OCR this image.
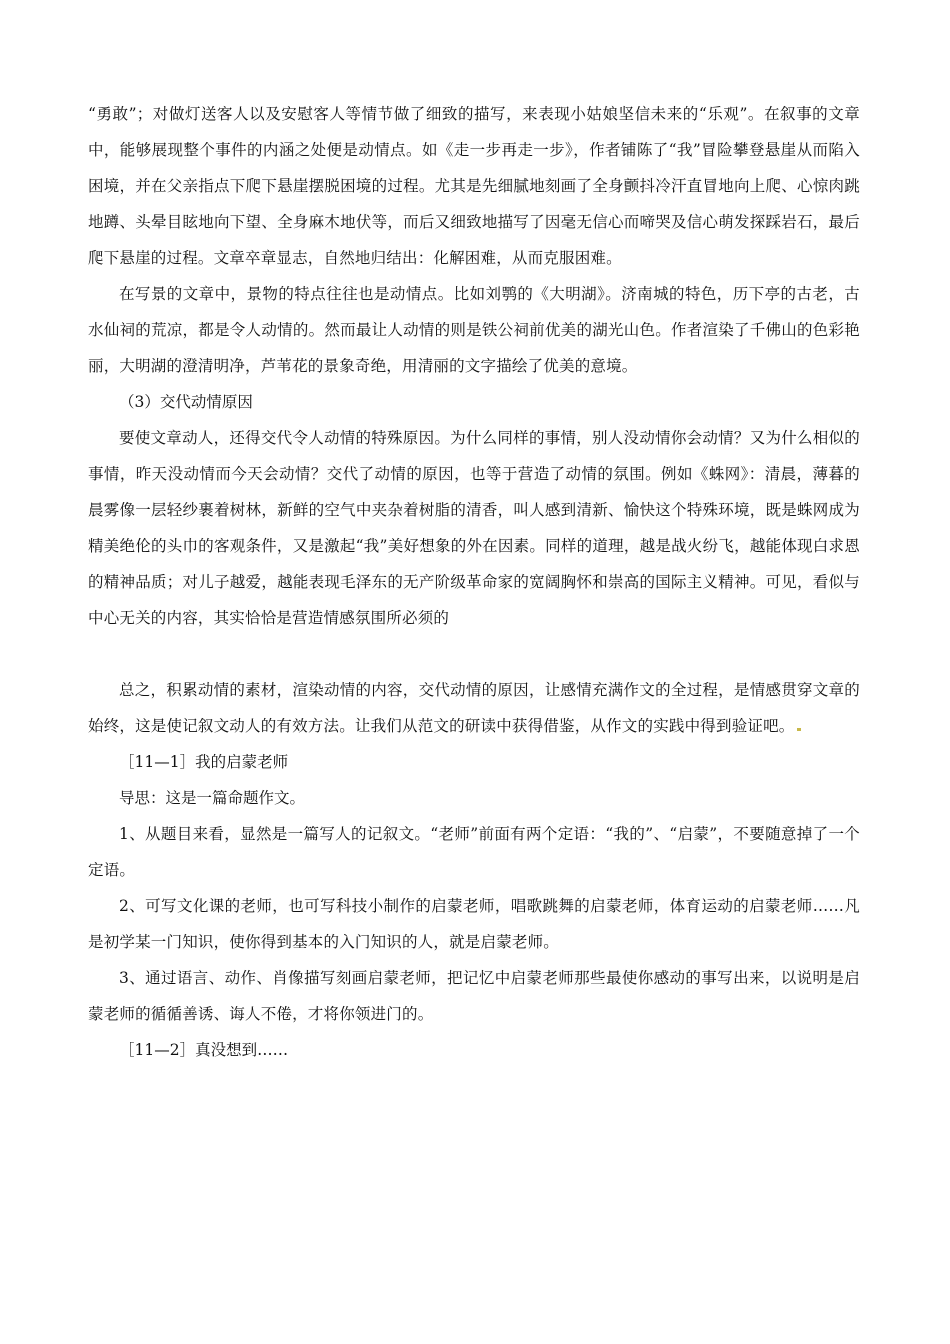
“勇敢”；对做灯送客人以及安慰客人等情节做了细致的描写，来表现小姑娘坚信未来的“乐观”。在叙事的文章中，能够展现整个事件的内涵之处便是动情点。如《走一步再走一步》，作者铺陈了“我”冒险攀登悬崖从而陷入困境，并在父亲指点下爬下悬崖摆脱困境的过程。尤其是先细腻地刻画了全身颤抖冷汗直冒地向上爬、心惊肉跳地蹲、头晕目眩地向下望、全身麻木地伏等，而后又细致地描写了因毫无信心而啼哭及信心萌发探踩岩石，最后爬下悬崖的过程。文章卒章显志，自然地归结出：化解困难，从而克服困难。

在写景的文章中，景物的特点往往也是动情点。比如刘鹗的《大明湖》。济南城的特色，历下亭的古老，古水仙祠的荒凉，都是令人动情的。然而最让人动情的则是铁公祠前优美的湖光山色。作者渲染了千佛山的色彩艳丽，大明湖的澄清明净，芦苇花的景象奇绝，用清丽的文字描绘了优美的意境。

（3）交代动情原因

要使文章动人，还得交代令人动情的特殊原因。为什么同样的事情，别人没动情你会动情？又为什么相似的事情，昨天没动情而今天会动情？交代了动情的原因，也等于营造了动情的氛围。例如《蛛网》：清晨，薄暮的晨雾像一层轻纱裹着树林，新鲜的空气中夹杂着树脂的清香，叫人感到清新、愉快这个特殊环境，既是蛛网成为精美绝伦的头巾的客观条件，又是激起“我”美好想象的外在因素。同样的道理，越是战火纷飞，越能体现白求恩的精神品质；对儿子越爱，越能表现毛泽东的无产阶级革命家的宽阔胸怀和崇高的国际主义精神。可见，看似与中心无关的内容，其实恰恰是营造情感氛围所必须的

总之，积累动情的素材，渲染动情的内容，交代动情的原因，让感情充满作文的全过程，是情感贯穿文章的始终，这是使记叙文动人的有效方法。让我们从范文的研读中获得借鉴，从作文的实践中得到验证吧。

［11—1］我的启蒙老师

导思：这是一篇命题作文。

1、从题目来看，显然是一篇写人的记叙文。“老师”前面有两个定语：“我的”、“启蒙”，不要随意掉了一个定语。

2、可写文化课的老师，也可写科技小制作的启蒙老师，唱歌跳舞的启蒙老师，体育运动的启蒙老师……凡是初学某一门知识，使你得到基本的入门知识的人，就是启蒙老师。

3、通过语言、动作、肖像描写刻画启蒙老师，把记忆中启蒙老师那些最使你感动的事写出来，以说明是启蒙老师的循循善诱、诲人不倦，才将你领进门的。

［11—2］真没想到……
